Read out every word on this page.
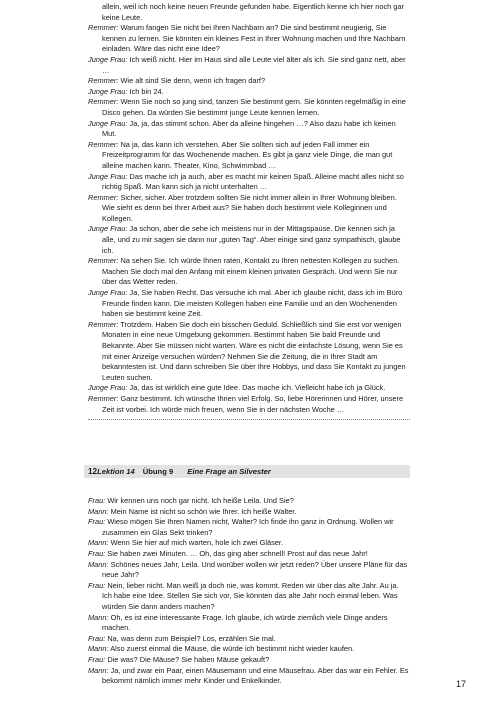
allein, weil ich noch keine neuen Freunde gefunden habe. Eigentlich kenne ich hier noch gar keine Leute.

Remmer: Warum fangen Sie nicht bei Ihren Nachbarn an? Die sind bestimmt neugierig, Sie kennen zu lernen. Sie könnten ein kleines Fest in Ihrer Wohnung machen und Ihre Nachbarn einladen. Wäre das nicht eine Idee?

Junge Frau: Ich weiß nicht. Hier im Haus sind alle Leute viel älter als ich. Sie sind ganz nett, aber …

Remmer: Wie alt sind Sie denn, wenn ich fragen darf?

Junge Frau: Ich bin 24.

Remmer: Wenn Sie noch so jung sind, tanzen Sie bestimmt gern. Sie könnten regelmäßig in eine Disco gehen. Da würden Sie bestimmt junge Leute kennen lernen.

Junge Frau: Ja, ja, das stimmt schon. Aber da alleine hingehen …? Also dazu habe ich keinen Mut.

Remmer: Na ja, das kann ich verstehen. Aber Sie sollten sich auf jeden Fall immer ein Freizeitprogramm für das Wochenende machen. Es gibt ja ganz viele Dinge, die man gut alleine machen kann. Theater, Kino, Schwimmbad …

Junge Frau: Das mache ich ja auch, aber es macht mir keinen Spaß. Alleine macht alles nicht so richtig Spaß. Man kann sich ja nicht unterhalten …

Remmer: Sicher, sicher. Aber trotzdem sollten Sie nicht immer allein in Ihrer Wohnung bleiben. Wie sieht es denn bei Ihrer Arbeit aus? Sie haben doch bestimmt viele Kolleginnen und Kollegen.

Junge Frau: Ja schon, aber die sehe ich meistens nur in der Mittagspause. Die kennen sich ja alle, und zu mir sagen sie dann nur „guten Tag“. Aber einige sind ganz sympathisch, glaube ich.

Remmer: Na sehen Sie. Ich würde Ihnen raten, Kontakt zu Ihren nettesten Kollegen zu suchen. Machen Sie doch mal den Anfang mit einem kleinen privaten Gespräch. Und wenn Sie nur über das Wetter reden.

Junge Frau: Ja, Sie haben Recht. Das versuche ich mal. Aber ich glaube nicht, dass ich im Büro Freunde finden kann. Die meisten Kollegen haben eine Familie und an den Wochenenden haben sie bestimmt keine Zeit.

Remmer: Trotzdem. Haben Sie doch ein bisschen Geduld. Schließlich sind Sie erst vor wenigen Monaten in eine neue Umgebung gekommen. Bestimmt haben Sie bald Freunde und Bekannte. Aber Sie müssen nicht warten. Wäre es nicht die einfachste Lösung, wenn Sie es mit einer Anzeige versuchen würden? Nehmen Sie die Zeitung, die in Ihrer Stadt am bekanntesten ist. Und dann schreiben Sie über Ihre Hobbys, und dass Sie Kontakt zu jungen Leuten suchen.

Junge Frau: Ja, das ist wirklich eine gute Idee. Das mache ich. Vielleicht habe ich ja Glück.

Remmer: Ganz bestimmt. Ich wünsche Ihnen viel Erfolg. So, liebe Hörerinnen und Hörer, unsere Zeit ist vorbei. Ich würde mich freuen, wenn Sie in der nächsten Woche …

12Lektion 14 Übung 9 Eine Frage an Silvester

Frau: Wir kennen uns noch gar nicht. Ich heiße Leila. Und Sie?

Mann: Mein Name ist nicht so schön wie Ihrer. Ich heiße Walter.

Frau: Wieso mögen Sie Ihren Namen nicht, Walter? Ich finde ihn ganz in Ordnung. Wollen wir zusammen ein Glas Sekt trinken?

Mann: Wenn Sie hier auf mich warten, hole ich zwei Gläser.

Frau: Sie haben zwei Minuten. … Oh, das ging aber schnell! Prost auf das neue Jahr!

Mann: Schönes neues Jahr, Leila. Und worüber wollen wir jetzt reden? Über unsere Pläne für das neue Jahr?

Frau: Nein, lieber nicht. Man weiß ja doch nie, was kommt. Reden wir über das alte Jahr. Au ja. Ich habe eine Idee. Stellen Sie sich vor, Sie könnten das alte Jahr noch einmal leben. Was würden Sie dann anders machen?

Mann: Oh, es ist eine interessante Frage. Ich glaube, ich würde ziemlich viele Dinge anders machen.

Frau: Na, was denn zum Beispiel? Los, erzählen Sie mal.

Mann: Also zuerst einmal die Mäuse, die würde ich bestimmt nicht wieder kaufen.

Frau: Die was? Die Mäuse? Sie haben Mäuse gekauft?

Mann: Ja, und zwar ein Paar, einen Mäusemann und eine Mäusefrau. Aber das war ein Fehler. Es bekommt nämlich immer mehr Kinder und Enkelkinder.	17
